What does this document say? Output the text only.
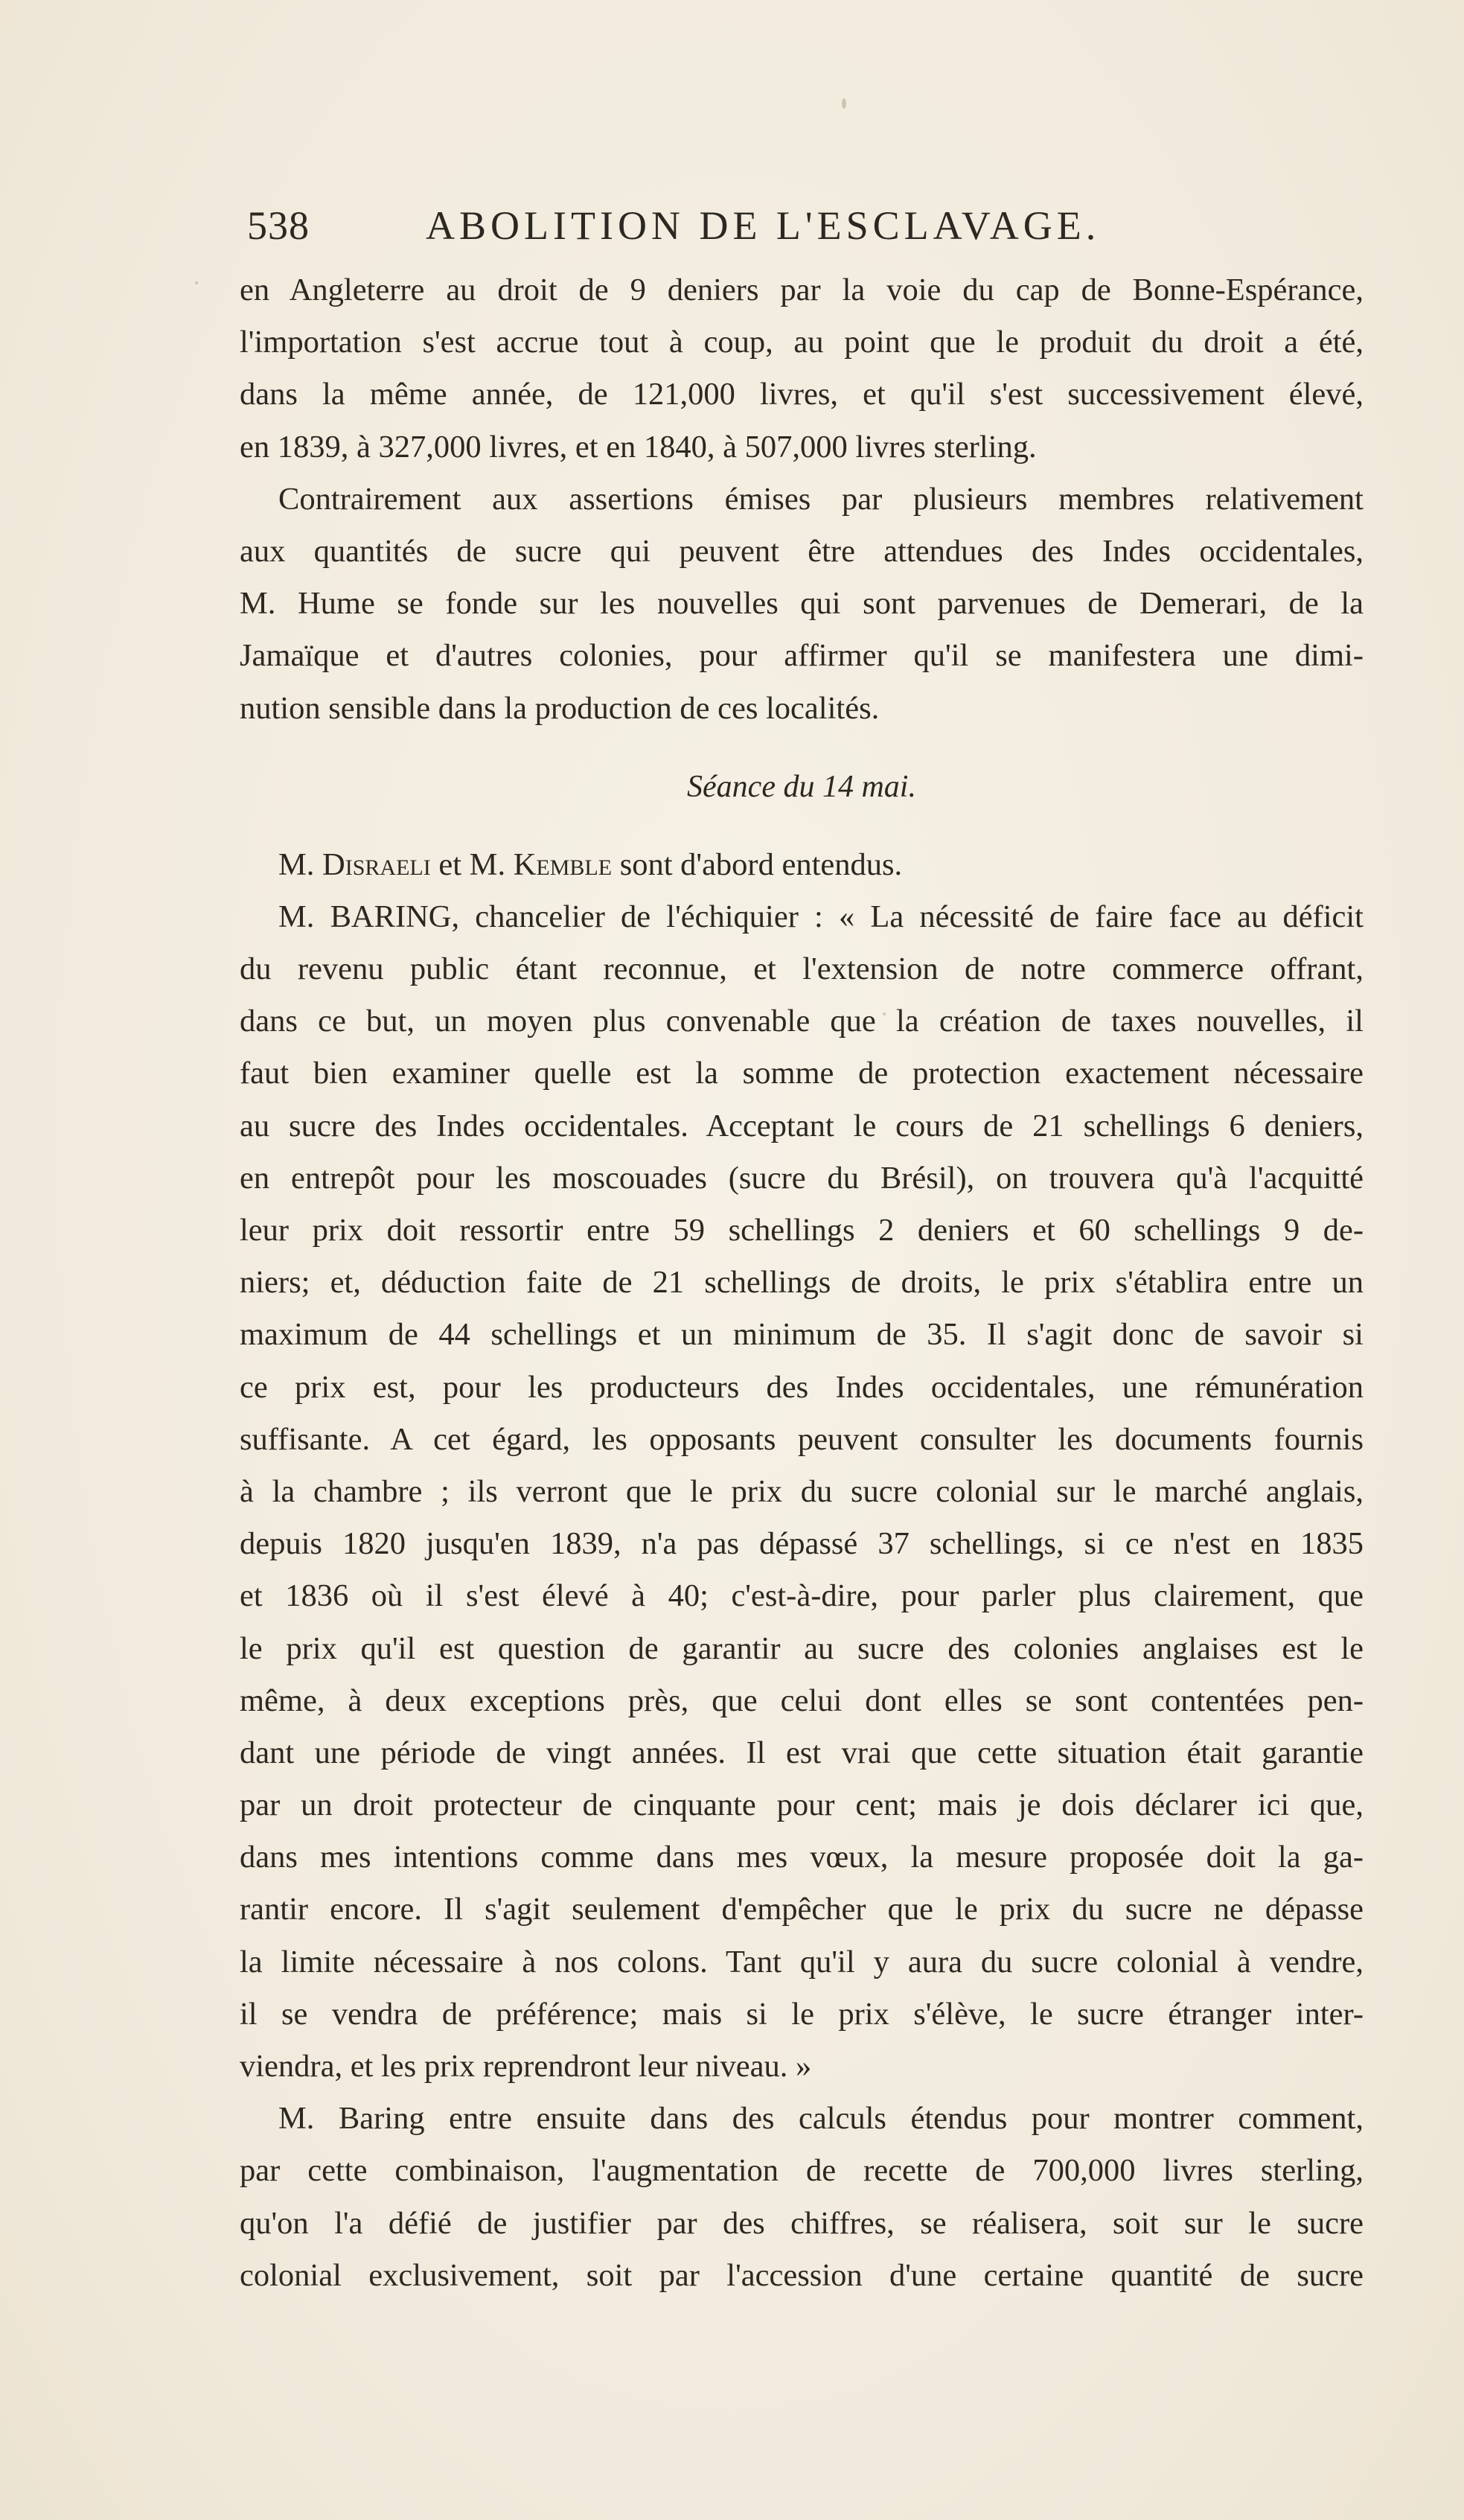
538	ABOLITION DE L'ESCLAVAGE.
en Angleterre au droit de 9 deniers par la voie du cap de Bonne-Espérance,
l'importation s'est accrue tout à coup, au point que le produit du droit a été,
dans la même année, de 121,000 livres, et qu'il s'est successivement élevé,
en 1839, à 327,000 livres, et en 1840, à 507,000 livres sterling.
Contrairement aux assertions émises par plusieurs membres relativement
aux quantités de sucre qui peuvent être attendues des Indes occidentales,
M. Hume se fonde sur les nouvelles qui sont parvenues de Demerari, de la
Jamaïque et d'autres colonies, pour affirmer qu'il se manifestera une dimi-
nution sensible dans la production de ces localités.
Séance du 14 mai.
M. Disraeli et M. Kemble sont d'abord entendus.
M. BARING, chancelier de l'échiquier : « La nécessité de faire face au déficit
du revenu public étant reconnue, et l'extension de notre commerce offrant,
dans ce but, un moyen plus convenable que la création de taxes nouvelles, il
faut bien examiner quelle est la somme de protection exactement nécessaire
au sucre des Indes occidentales. Acceptant le cours de 21 schellings 6 deniers,
en entrepôt pour les moscouades (sucre du Brésil), on trouvera qu'à l'acquitté
leur prix doit ressortir entre 59 schellings 2 deniers et 60 schellings 9 de-
niers; et, déduction faite de 21 schellings de droits, le prix s'établira entre un
maximum de 44 schellings et un minimum de 35. Il s'agit donc de savoir si
ce prix est, pour les producteurs des Indes occidentales, une rémunération
suffisante. A cet égard, les opposants peuvent consulter les documents fournis
à la chambre ; ils verront que le prix du sucre colonial sur le marché anglais,
depuis 1820 jusqu'en 1839, n'a pas dépassé 37 schellings, si ce n'est en 1835
et 1836 où il s'est élevé à 40; c'est-à-dire, pour parler plus clairement, que
le prix qu'il est question de garantir au sucre des colonies anglaises est le
même, à deux exceptions près, que celui dont elles se sont contentées pen-
dant une période de vingt années. Il est vrai que cette situation était garantie
par un droit protecteur de cinquante pour cent; mais je dois déclarer ici que,
dans mes intentions comme dans mes vœux, la mesure proposée doit la ga-
rantir encore. Il s'agit seulement d'empêcher que le prix du sucre ne dépasse
la limite nécessaire à nos colons. Tant qu'il y aura du sucre colonial à vendre,
il se vendra de préférence; mais si le prix s'élève, le sucre étranger inter-
viendra, et les prix reprendront leur niveau. »
M. Baring entre ensuite dans des calculs étendus pour montrer comment,
par cette combinaison, l'augmentation de recette de 700,000 livres sterling,
qu'on l'a défié de justifier par des chiffres, se réalisera, soit sur le sucre
colonial exclusivement, soit par l'accession d'une certaine quantité de sucre
